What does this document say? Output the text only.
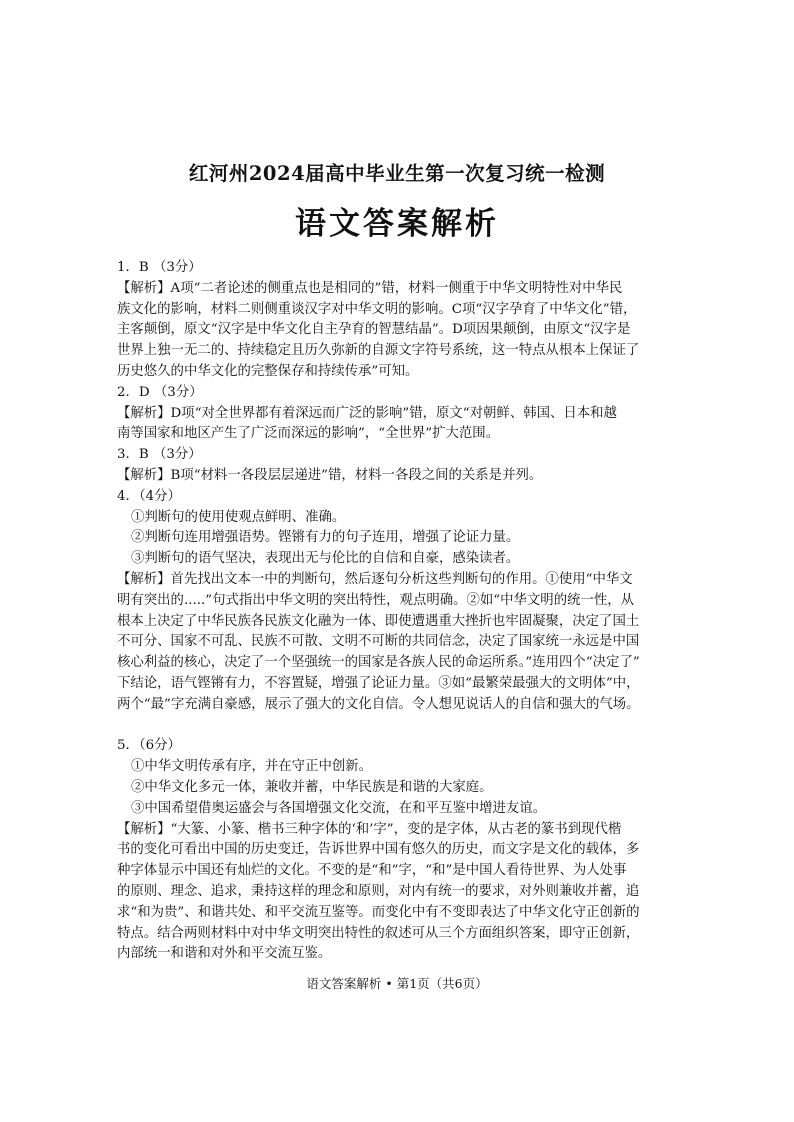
红河州2024届高中毕业生第一次复习统一检测
语文答案解析

1．B （3分）

【解析】A项“二者论述的侧重点也是相同的”错，材料一侧重于中华文明特性对中华民

族文化的影响，材料二则侧重谈汉字对中华文明的影响。C项“汉字孕育了中华文化”错，

主客颠倒，原文“汉字是中华文化自主孕育的智慧结晶”。D项因果颠倒，由原文“汉字是

世界上独一无二的、持续稳定且历久弥新的自源文字符号系统，这一特点从根本上保证了

历史悠久的中华文化的完整保存和持续传承”可知。

2．D （3分）

【解析】D项“对全世界都有着深远而广泛的影响”错，原文“对朝鲜、韩国、日本和越

南等国家和地区产生了广泛而深远的影响”，“全世界”扩大范围。

3．B （3分）

【解析】B项“材料一各段层层递进”错，材料一各段之间的关系是并列。

4．（4分）

①判断句的使用使观点鲜明、准确。

②判断句连用增强语势。铿锵有力的句子连用，增强了论证力量。

③判断句的语气坚决，表现出无与伦比的自信和自豪，感染读者。

【解析】首先找出文本一中的判断句，然后逐句分析这些判断句的作用。①使用“中华文

明有突出的.....”句式指出中华文明的突出特性，观点明确。②如“中华文明的统一性，从

根本上决定了中华民族各民族文化融为一体、即使遭遇重大挫折也牢固凝聚，决定了国土

不可分、国家不可乱、民族不可散、文明不可断的共同信念，决定了国家统一永远是中国

核心利益的核心，决定了一个坚强统一的国家是各族人民的命运所系。”连用四个“决定了”

下结论，语气铿锵有力，不容置疑，增强了论证力量。③如“最繁荣最强大的文明体”中，

两个“最”字充满自豪感，展示了强大的文化自信。令人想见说话人的自信和强大的气场。

5．（6分）

①中华文明传承有序，并在守正中创新。

②中华文化多元一体，兼收并蓄，中华民族是和谐的大家庭。

③中国希望借奥运盛会与各国增强文化交流，在和平互鉴中增进友谊。

【解析】“大篆、小篆、楷书三种字体的‘和’字”，变的是字体，从古老的篆书到现代楷

书的变化可看出中国的历史变迁，告诉世界中国有悠久的历史，而文字是文化的载体，多

种字体显示中国还有灿烂的文化。不变的是“和”字，“和”是中国人看待世界、为人处事

的原则、理念、追求，秉持这样的理念和原则，对内有统一的要求，对外则兼收并蓄，追

求“和为贵”、和谐共处、和平交流互鉴等。而变化中有不变即表达了中华文化守正创新的

特点。结合两则材料中对中华文明突出特性的叙述可从三个方面组织答案，即守正创新，

内部统一和谐和对外和平交流互鉴。

语文答案解析 • 第1页（共6页）
